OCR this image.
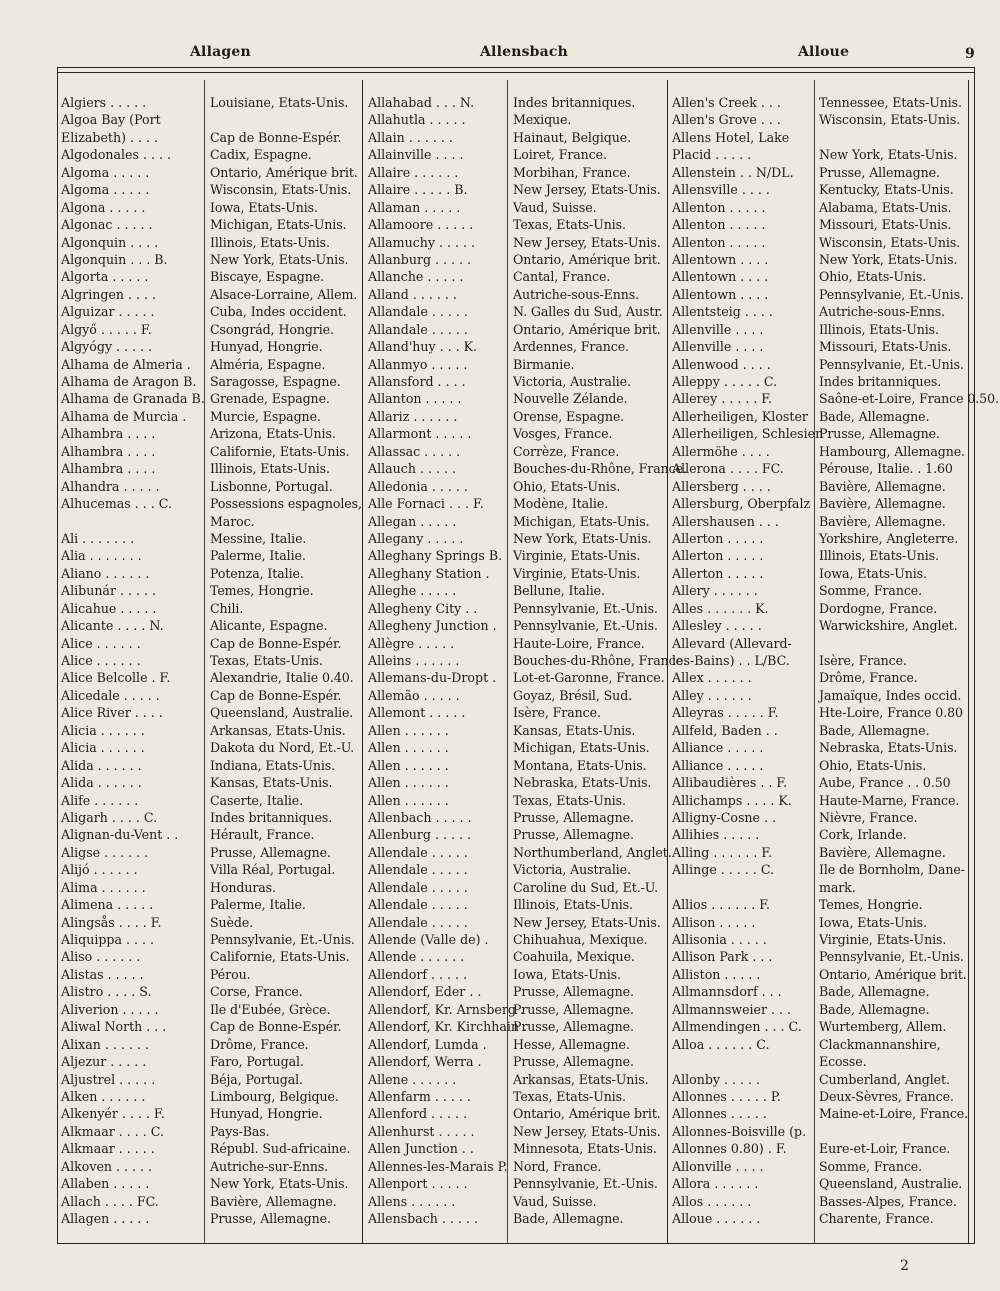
Allagen	Allensbach	Alloue	9
Algiers . . . . .	Louisiane, Etats-Unis.
Algoa Bay (Port
Elizabeth) . . . .	Cap de Bonne-Espér.
Algodonales . . . .	Cadix, Espagne.
Algoma . . . . .	Ontario, Amérique brit.
Algoma . . . . .	Wisconsin, Etats-Unis.
Algona . . . . .	Iowa, Etats-Unis.
Algonac . . . . .	Michigan, Etats-Unis.
Algonquin . . . .	Illinois, Etats-Unis.
Algonquin . . . B.	New York, Etats-Unis.
Algorta . . . . .	Biscaye, Espagne.
Algringen . . . .	Alsace-Lorraine, Allem.
Alguizar . . . . .	Cuba, Indes occident.
Algyő . . . . . F.	Csongrád, Hongrie.
Algyógy . . . . .	Hunyad, Hongrie.
Alhama de Almeria . Alméria, Espagne.
Alhama de Aragon B. Saragosse, Espagne.
Alhama de Granada B. Grenade, Espagne.
Alhama de Murcia . Murcie, Espagne.
Alhambra . . . .	Arizona, Etats-Unis.
Alhambra . . . .	Californie, Etats-Unis.
Alhambra . . . .	Illinois, Etats-Unis.
Alhandra . . . . .	Lisbonne, Portugal.
Alhucemas . . . C.	Possessions espagnoles,
Maroc.
Ali . . . . . . .	Messine, Italie.
Alia . . . . . . .	Palerme, Italie.
Aliano . . . . . .	Potenza, Italie.
Alibunár . . . . .	Temes, Hongrie.
Alicahue . . . . .	Chili.
Alicante . . . . N.	Alicante, Espagne.
Alice . . . . . .	Cap de Bonne-Espér.
Alice . . . . . .	Texas, Etats-Unis.
Alice Belcolle . F.	Alexandrie, Italie 0.40.
Alicedale . . . . .	Cap de Bonne-Espér.
Alice River . . . .	Queensland, Australie.
Alicia . . . . . .	Arkansas, Etats-Unis.
Alicia . . . . . .	Dakota du Nord, Et.-U.
Alida . . . . . .	Indiana, Etats-Unis.
Alida . . . . . .	Kansas, Etats-Unis.
Alife . . . . . .	Caserte, Italie.
Aligarh . . . . C.	Indes britanniques.
Alignan-du-Vent . .	Hérault, France.
Aligse . . . . . .	Prusse, Allemagne.
Alijó . . . . . .	Villa Réal, Portugal.
Alima . . . . . .	Honduras.
Alimena . . . . .	Palerme, Italie.
Alingsås . . . . F.	Suède.
Aliquippa . . . .	Pennsylvanie, Et.-Unis.
Aliso . . . . . .	Californie, Etats-Unis.
Alistas . . . . .	Pérou.
Alistro . . . . S.	Corse, France.
Aliverion . . . . .	Ile d'Eubée, Grèce.
Aliwal North . . .	Cap de Bonne-Espér.
Alixan . . . . . .	Drôme, France.
Aljezur . . . . .	Faro, Portugal.
Aljustrel . . . . .	Béja, Portugal.
Alken . . . . . .	Limbourg, Belgique.
Alkenyér . . . . F.	Hunyad, Hongrie.
Alkmaar . . . . C.	Pays-Bas.
Alkmaar . . . . .	Républ. Sud-africaine.
Alkoven . . . . .	Autriche-sur-Enns.
Allaben . . . . .	New York, Etats-Unis.
Allach . . . . FC.	Bavière, Allemagne.
Allagen . . . . .	Prusse, Allemagne.
Allahabad . . . N.	Indes britanniques.
Allahutla . . . . .	Mexique.
Allain . . . . . .	Hainaut, Belgique.
Allainville . . . .	Loiret, France.
Allaire . . . . . .	Morbihan, France.
Allaire . . . . . B.	New Jersey, Etats-Unis.
Allaman . . . . .	Vaud, Suisse.
Allamoore . . . . .	Texas, Etats-Unis.
Allamuchy . . . . .	New Jersey, Etats-Unis.
Allanburg . . . . .	Ontario, Amérique brit.
Allanche . . . . .	Cantal, France.
Alland . . . . . .	Autriche-sous-Enns.
Allandale . . . . .	N. Galles du Sud, Austr.
Allandale . . . . .	Ontario, Amérique brit.
Alland'huy . . . K.	Ardennes, France.
Allanmyo . . . . .	Birmanie.
Allansford . . . .	Victoria, Australie.
Allanton . . . . .	Nouvelle Zélande.
Allariz . . . . . .	Orense, Espagne.
Allarmont . . . . .	Vosges, France.
Allassac . . . . .	Corrèze, France.
Allauch . . . . .	Bouches-du-Rhône, France.
Alledonia . . . . .	Ohio, Etats-Unis.
Alle Fornaci . . . F. Modène, Italie.
Allegan . . . . .	Michigan, Etats-Unis.
Allegany . . . . .	New York, Etats-Unis.
Alleghany Springs B. Virginie, Etats-Unis.
Alleghany Station . Virginie, Etats-Unis.
Alleghe . . . . .	Bellune, Italie.
Allegheny City . .	Pennsylvanie, Et.-Unis.
Allegheny Junction . Pennsylvanie, Et.-Unis.
Allègre . . . . .	Haute-Loire, France.
Alleins . . . . . .	Bouches-du-Rhône, France.
Allemans-du-Dropt . Lot-et-Garonne, France.
Allemão . . . . .	Goyaz, Brésil, Sud.
Allemont . . . . .	Isère, France.
Allen . . . . . .	Kansas, Etats-Unis.
Allen . . . . . .	Michigan, Etats-Unis.
Allen . . . . . .	Montana, Etats-Unis.
Allen . . . . . .	Nebraska, Etats-Unis.
Allen . . . . . .	Texas, Etats-Unis.
Allenbach . . . . .	Prusse, Allemagne.
Allenburg . . . . .	Prusse, Allemagne.
Allendale . . . . .	Northumberland, Anglet.
Allendale . . . . .	Victoria, Australie.
Allendale . . . . .	Caroline du Sud, Et.-U.
Allendale . . . . .	Illinois, Etats-Unis.
Allendale . . . . .	New Jersey, Etats-Unis.
Allende (Valle de) . Chihuahua, Mexique.
Allende . . . . . .	Coahuila, Mexique.
Allendorf . . . . .	Iowa, Etats-Unis.
Allendorf, Eder . .	Prusse, Allemagne.
Allendorf, Kr. Arnsberg .
Prusse, Allemagne.
Allendorf, Kr. Kirchhain .
Prusse, Allemagne.
Allendorf, Lumda . Hesse, Allemagne.
Allendorf, Werra . Prusse, Allemagne.
Allene . . . . . .	Arkansas, Etats-Unis.
Allenfarm . . . . .	Texas, Etats-Unis.
Allenford . . . . .	Ontario, Amérique brit.
Allenhurst . . . . .	New Jersey, Etats-Unis.
Allen Junction . .	Minnesota, Etats-Unis.
Allennes-les-Marais P. Nord, France.
Allenport . . . . .	Pennsylvanie, Et.-Unis.
Allens . . . . . .	Vaud, Suisse.
Allensbach . . . . .	Bade, Allemagne.
Allen's Creek . . .	Tennessee, Etats-Unis.
Allen's Grove . . .	Wisconsin, Etats-Unis.
Allens Hotel, Lake
Placid . . . . .	New York, Etats-Unis.
Allenstein . . N/DL. Prusse, Allemagne.
Allensville . . . .	Kentucky, Etats-Unis.
Allenton . . . . .	Alabama, Etats-Unis.
Allenton . . . . .	Missouri, Etats-Unis.
Allenton . . . . .	Wisconsin, Etats-Unis.
Allentown . . . .	New York, Etats-Unis.
Allentown . . . .	Ohio, Etats-Unis.
Allentown . . . .	Pennsylvanie, Et.-Unis.
Allentsteig . . . .	Autriche-sous-Enns.
Allenville . . . .	Illinois, Etats-Unis.
Allenville . . . .	Missouri, Etats-Unis.
Allenwood . . . .	Pennsylvanie, Et.-Unis.
Alleppy . . . . . C.	Indes britanniques.
Allerey . . . . . F.	Saône-et-Loire, France 0.50.
Allerheiligen, Kloster Bade, Allemagne.
Allerheiligen, Schlesien .
Prusse, Allemagne.
Allermöhe . . . .	Hambourg, Allemagne.
Allerona . . . . FC.	Pérouse, Italie. . 1.60
Allersberg . . . .	Bavière, Allemagne.
Allersburg, Oberpfalz Bavière, Allemagne.
Allershausen . . .	Bavière, Allemagne.
Allerton . . . . .	Yorkshire, Angleterre.
Allerton . . . . .	Illinois, Etats-Unis.
Allerton . . . . .	Iowa, Etats-Unis.
Allery . . . . . .	Somme, France.
Alles . . . . . . K.	Dordogne, France.
Allesley . . . . .	Warwickshire, Anglet.
Allevard (Allevard-
les-Bains) . . L/BC. Isère, France.
Allex . . . . . .	Drôme, France.
Alley . . . . . .	Jamaïque, Indes occid.
Alleyras . . . . . F.	Hte-Loire, France 0.80
Allfeld, Baden . .	Bade, Allemagne.
Alliance . . . . .	Nebraska, Etats-Unis.
Alliance . . . . .	Ohio, Etats-Unis.
Allibaudières . . F.	Aube, France . . 0.50
Allichamps . . . . K. Haute-Marne, France.
Alligny-Cosne . .	Nièvre, France.
Allihies . . . . .	Cork, Irlande.
Alling . . . . . . F.	Bavière, Allemagne.
Allinge . . . . . C.	Ile de Bornholm, Dane-
mark.
Allios . . . . . . F.	Temes, Hongrie.
Allison . . . . .	Iowa, Etats-Unis.
Allisonia . . . . .	Virginie, Etats-Unis.
Allison Park . . .	Pennsylvanie, Et.-Unis.
Alliston . . . . .	Ontario, Amérique brit.
Allmannsdorf . . .	Bade, Allemagne.
Allmannsweier . . . Bade, Allemagne.
Allmendingen . . . C. Wurtemberg, Allem.
Alloa . . . . . . C.	Clackmannanshire,
Ecosse.
Allonby . . . . .	Cumberland, Anglet.
Allonnes . . . . . P.	Deux-Sèvres, France.
Allonnes . . . . .	Maine-et-Loire, France.
Allonnes-Boisville (p.
Allonnes 0.80) . F.	Eure-et-Loir, France.
Allonville . . . .	Somme, France.
Allora . . . . . .	Queensland, Australie.
Allos . . . . . .	Basses-Alpes, France.
Alloue . . . . . .	Charente, France.
2
